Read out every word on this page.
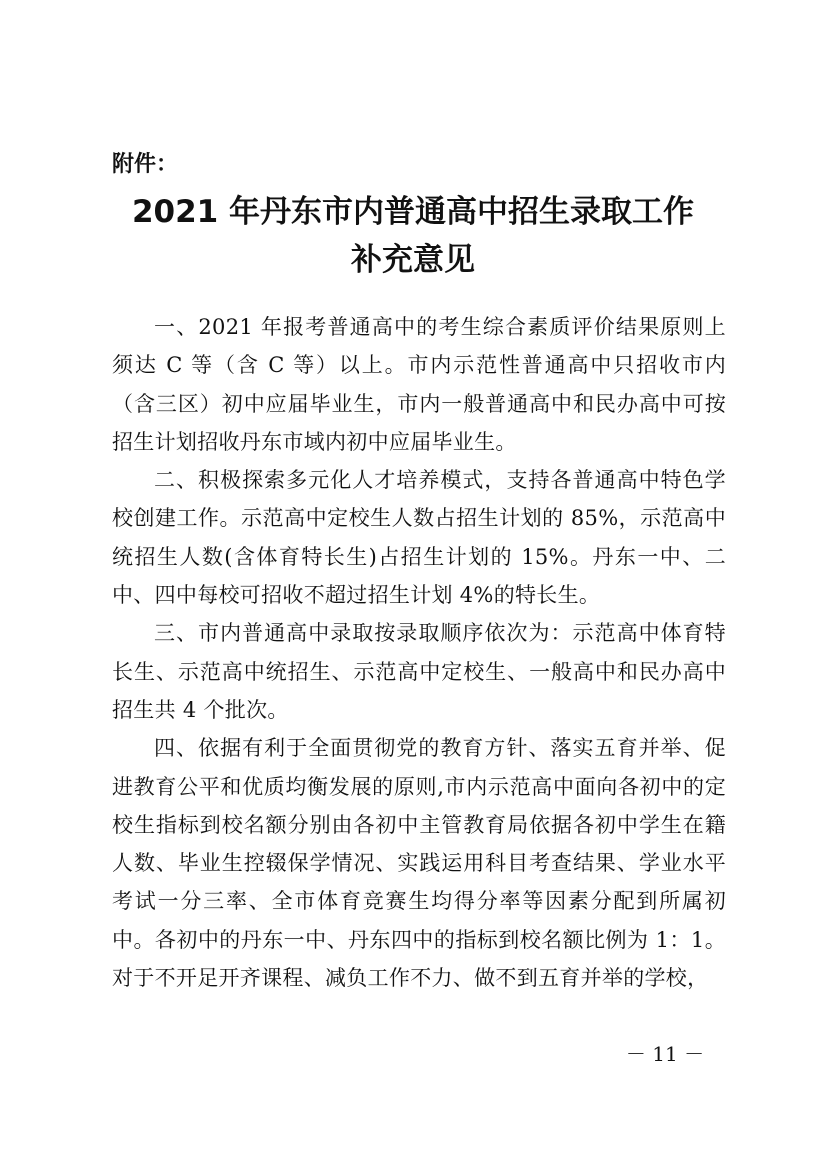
附件：

2021 年丹东市内普通高中招生录取工作
补充意见

一、2021 年报考普通高中的考生综合素质评价结果原则上须达 C 等（含 C 等）以上。市内示范性普通高中只招收市内（含三区）初中应届毕业生，市内一般普通高中和民办高中可按招生计划招收丹东市域内初中应届毕业生。

二、积极探索多元化人才培养模式，支持各普通高中特色学校创建工作。示范高中定校生人数占招生计划的 85%，示范高中统招生人数(含体育特长生)占招生计划的 15%。丹东一中、二中、四中每校可招收不超过招生计划 4%的特长生。

三、市内普通高中录取按录取顺序依次为：示范高中体育特长生、示范高中统招生、示范高中定校生、一般高中和民办高中招生共 4 个批次。

四、依据有利于全面贯彻党的教育方针、落实五育并举、促进教育公平和优质均衡发展的原则,市内示范高中面向各初中的定校生指标到校名额分别由各初中主管教育局依据各初中学生在籍人数、毕业生控辍保学情况、实践运用科目考查结果、学业水平考试一分三率、全市体育竞赛生均得分率等因素分配到所属初中。各初中的丹东一中、丹东四中的指标到校名额比例为 1：1。对于不开足开齐课程、减负工作不力、做不到五育并举的学校，

－ 11 －
